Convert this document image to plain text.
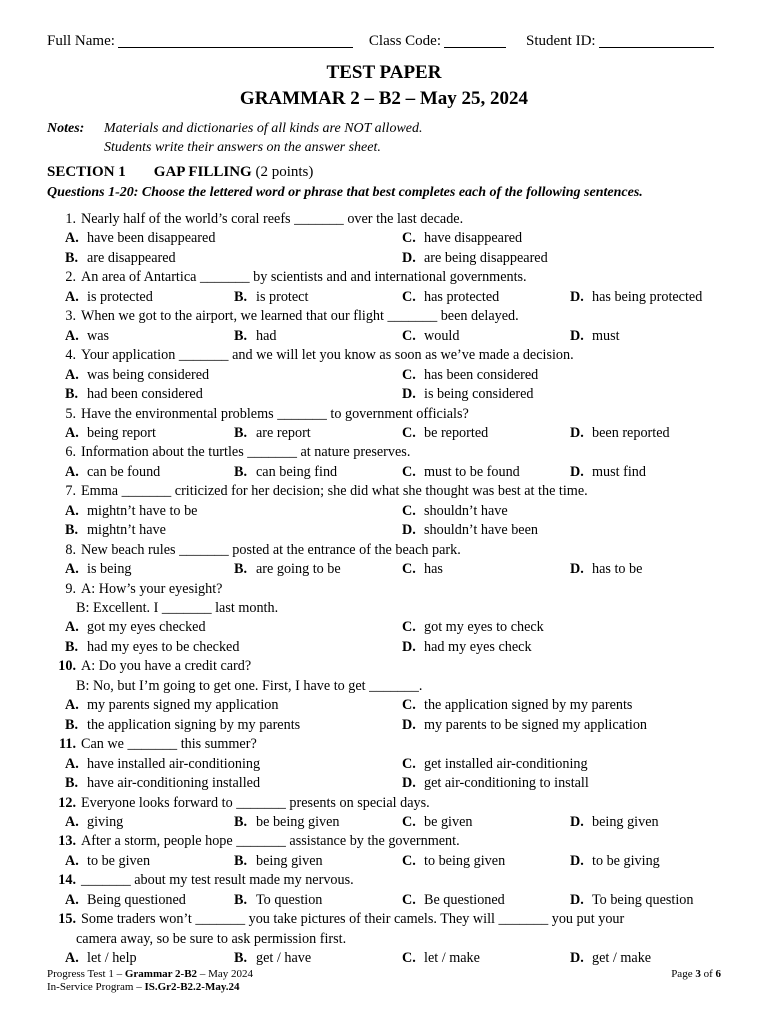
Full Name:	Class Code:	Student ID:
TEST PAPER
GRAMMAR 2 – B2 – May 25, 2024
Notes: Materials and dictionaries of all kinds are NOT allowed.
Students write their answers on the answer sheet.
SECTION 1 GAP FILLING (2 points)
Questions 1-20: Choose the lettered word or phrase that best completes each of the following sentences.
1. Nearly half of the world’s coral reefs _______ over the last decade.
A. have been disappeared	C. have disappeared
B. are disappeared	D. are being disappeared
2. An area of Antartica _______ by scientists and and international governments.
A. is protected	B. is protect	C. has protected	D. has being protected
3. When we got to the airport, we learned that our flight _______ been delayed.
A. was	B. had	C. would	D. must
4. Your application _______ and we will let you know as soon as we’ve made a decision.
A. was being considered	C. has been considered
B. had been considered	D. is being considered
5. Have the environmental problems _______ to government officials?
A. being report	B. are report	C. be reported	D. been reported
6. Information about the turtles _______ at nature preserves.
A. can be found	B. can being find	C. must to be found	D. must find
7. Emma _______ criticized for her decision; she did what she thought was best at the time.
A. mightn’t have to be	C. shouldn’t have
B. mightn’t have	D. shouldn’t have been
8. New beach rules _______ posted at the entrance of the beach park.
A. is being	B. are going to be	C. has	D. has to be
9. A: How’s your eyesight?
B: Excellent. I _______ last month.
A. got my eyes checked	C. got my eyes to check
B. had my eyes to be checked	D. had my eyes check
10. A: Do you have a credit card?
B: No, but I’m going to get one. First, I have to get _______.
A. my parents signed my application	C. the application signed by my parents
B. the application signing by my parents	D. my parents to be signed my application
11. Can we _______ this summer?
A. have installed air-conditioning	C. get installed air-conditioning
B. have air-conditioning installed	D. get air-conditioning to install
12. Everyone looks forward to _______ presents on special days.
A. giving	B. be being given	C. be given	D. being given
13. After a storm, people hope _______ assistance by the government.
A. to be given	B. being given	C. to being given	D. to be giving
14. _______ about my test result made my nervous.
A. Being questioned	B. To question	C. Be questioned	D. To being question
15. Some traders won’t _______ you take pictures of their camels. They will _______ you put your
camera away, so be sure to ask permission first.
A. let / help	B. get / have	C. let / make	D. get / make
Progress Test 1 – Grammar 2-B2 – May 2024
In-Service Program – IS.Gr2-B2.2-May.24
Page 3 of 6
